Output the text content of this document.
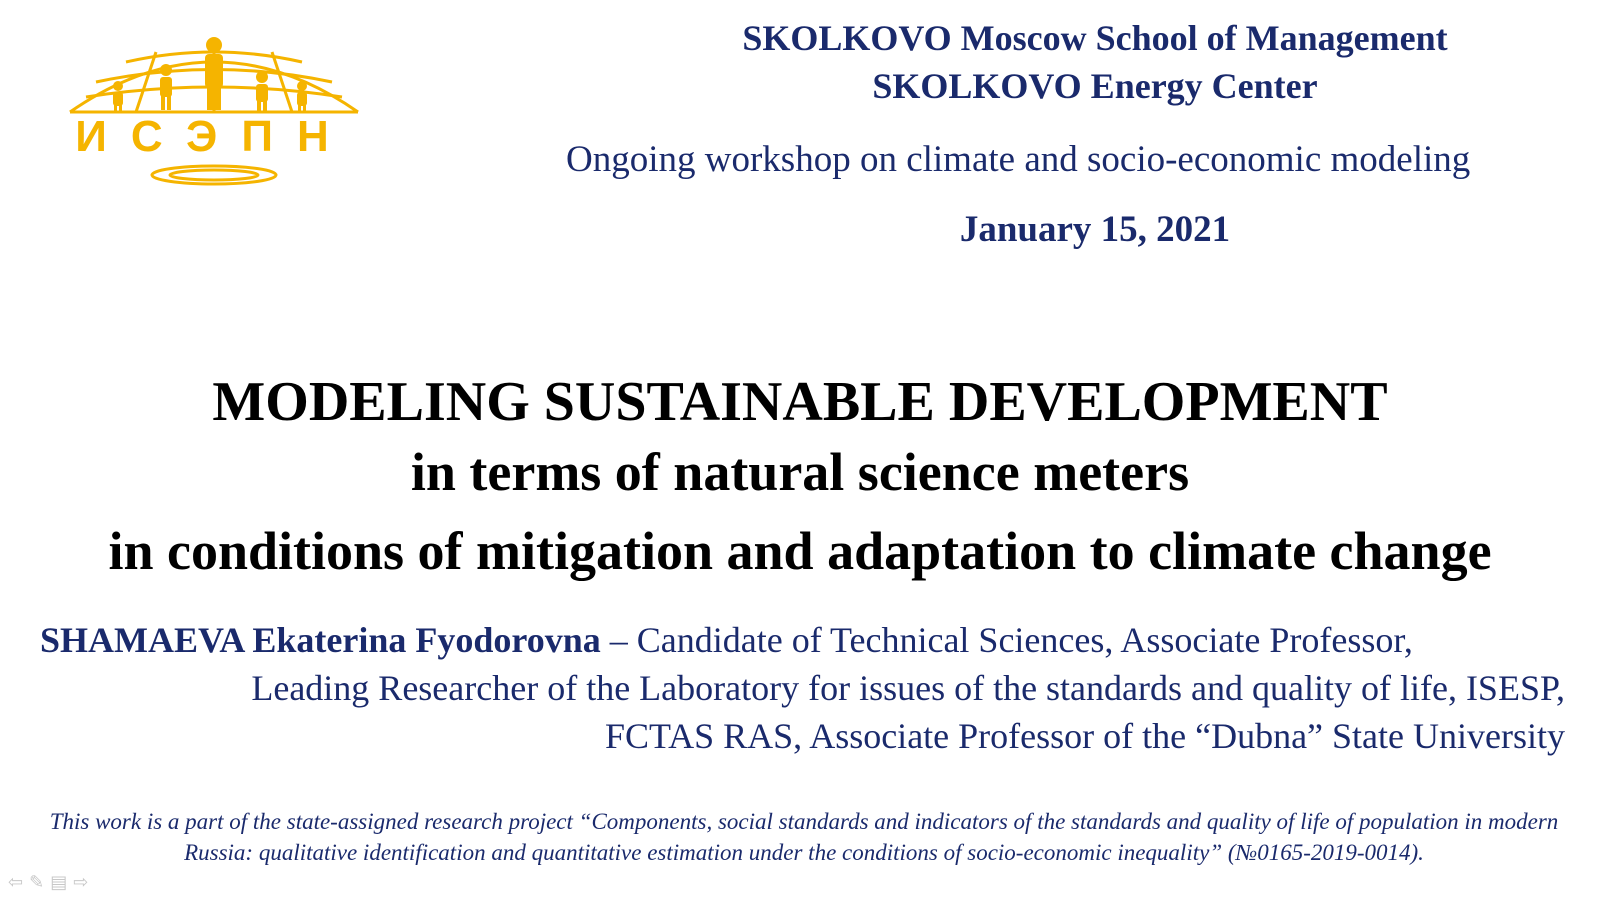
ИСЭПН
SKOLKOVO Moscow School of Management
SKOLKOVO Energy Center
Ongoing workshop on climate and socio-economic modeling
January 15, 2021
MODELING SUSTAINABLE DEVELOPMENT
in terms of natural science meters
in conditions of mitigation and adaptation to climate change
SHAMAEVA Ekaterina Fyodorovna – Candidate of Technical Sciences, Associate Professor,
Leading Researcher of the Laboratory for issues of the standards and quality of life, ISESP,
FCTAS RAS, Associate Professor of the “Dubna” State University
This work is a part of the state-assigned research project “Components, social standards and indicators of the standards and quality of life of population in modern Russia: qualitative identification and quantitative estimation under the conditions of socio-economic inequality” (№0165-2019-0014).
⇦ ✎ ▤ ⇨
